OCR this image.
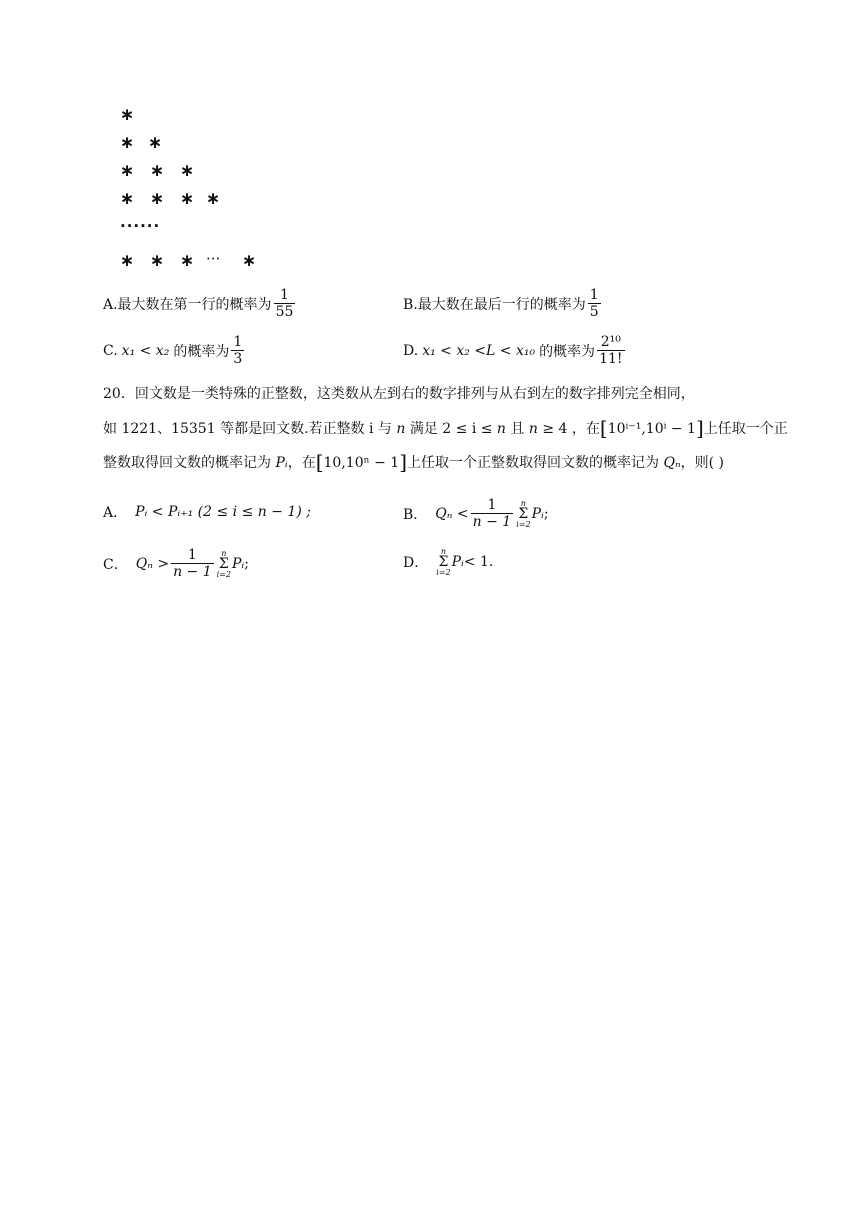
∗
∗ ∗
∗ ∗ ∗
∗ ∗ ∗ ∗
······
∗ ∗ ∗ ··· ∗
A.最大数在第一行的概率为 $\frac{1}{55}$	B.最大数在最后一行的概率为 $\frac{1}{5}$
C. x₁ < x₂ 的概率为 $\frac{1}{3}$	D. x₁ < x₂ <L < x₁₀ 的概率为 $\frac{\text{2¹⁰}}{11!}$
20．回文数是一类特殊的正整数，这类数从左到右的数字排列与从右到左的数字排列完全相同，
如 1221、15351 等都是回文数.若正整数 i 与 n 满足 2 ≤ i ≤ n 且 n ≥ 4 ，在[10ⁱ⁻¹,10ⁱ − 1]上任取一个正
整数取得回文数的概率记为 Pᵢ，在[10,10ⁿ − 1]上任取一个正整数取得回文数的概率记为 Qₙ，则( )
A． Pᵢ < Pᵢ₊₁ (2 ≤ i ≤ n − 1) ;	B． $Q_n < \frac{1}{n - 1}$ n
Σ
i=2
Pᵢ ;
C． $Q_n > \frac{1}{n - 1}$ n
Σ
i=2
Pᵢ ;	D．
n
Σ
i=2
Pᵢ < 1.
